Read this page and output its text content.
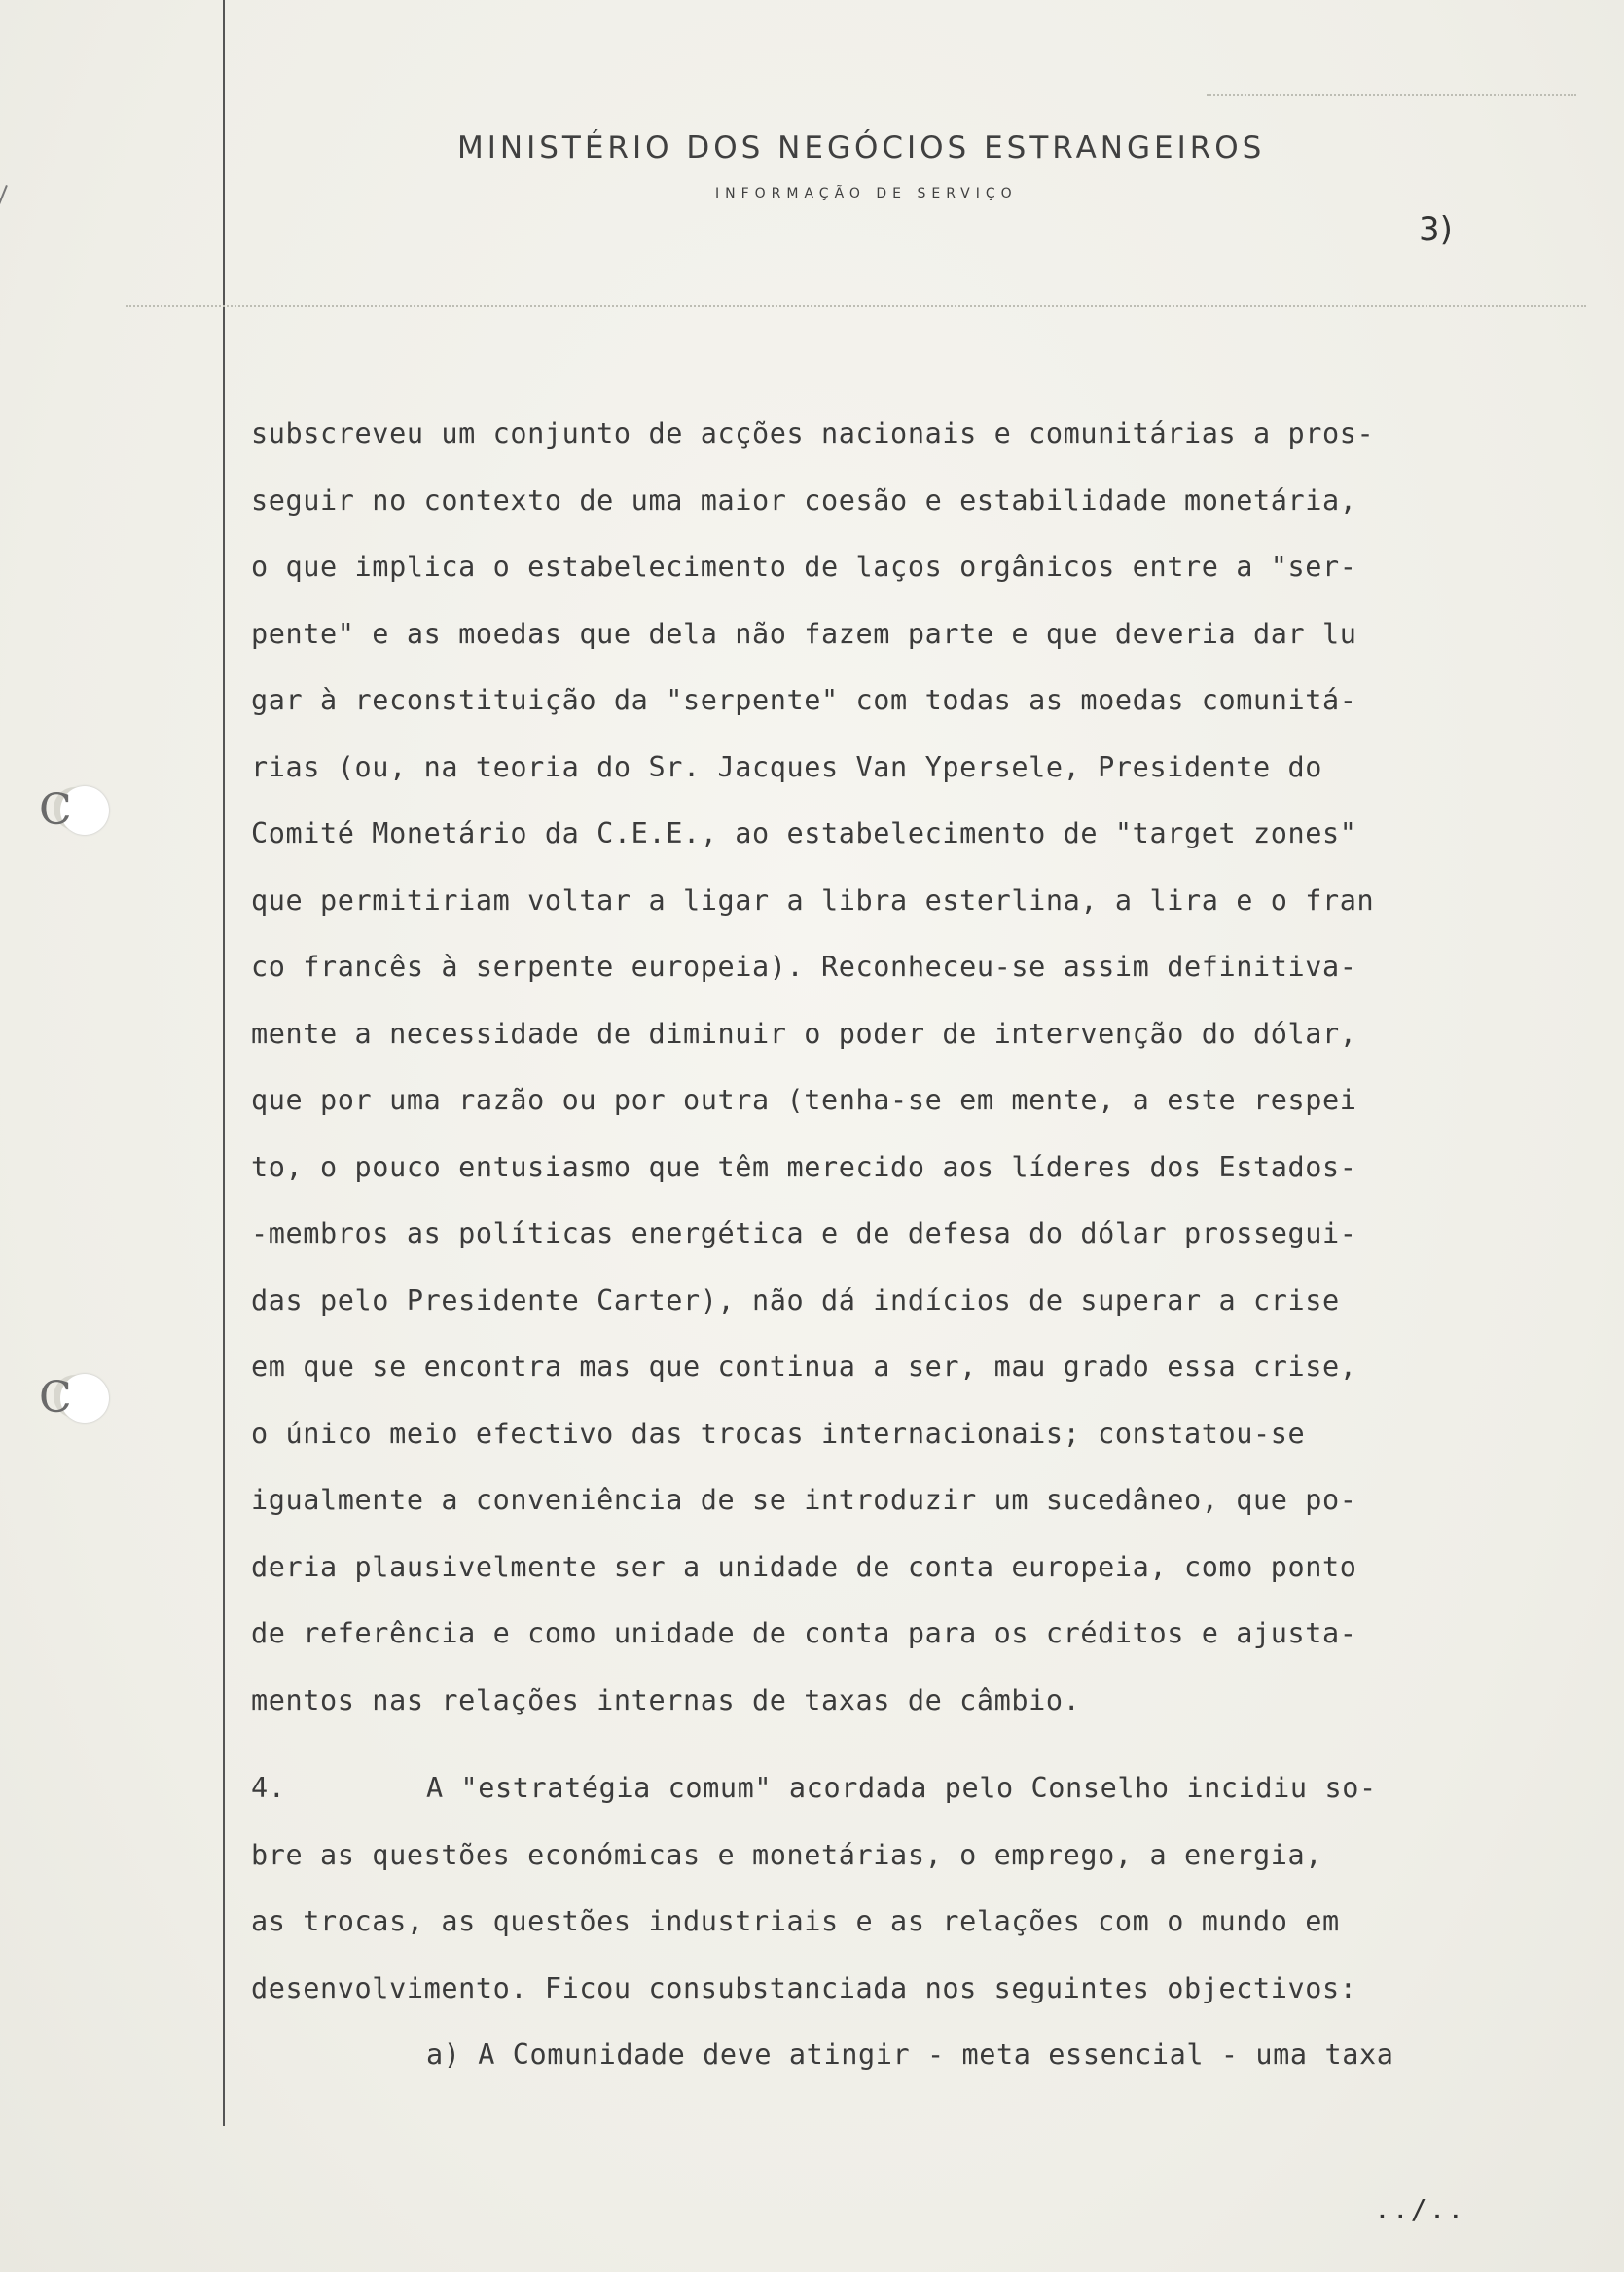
MINISTÉRIO DOS NEGÓCIOS ESTRANGEIROS
INFORMAÇÃO DE SERVIÇO
3)
C
C
subscreveu um conjunto de acções nacionais e comunitárias a pros-
seguir no contexto de uma maior coesão e estabilidade monetária,
o que implica o estabelecimento de laços orgânicos entre a "ser-
pente" e as moedas que dela não fazem parte e que deveria dar lu
gar à reconstituição da "serpente" com todas as moedas comunitá-
rias (ou, na teoria do Sr. Jacques Van Ypersele, Presidente do
Comité Monetário da C.E.E., ao estabelecimento de "target zones"
que permitiriam voltar a ligar a libra esterlina, a lira e o fran
co francês à serpente europeia). Reconheceu-se assim definitiva-
mente a necessidade de diminuir o poder de intervenção do dólar,
que por uma razão ou por outra (tenha-se em mente, a este respei
to, o pouco entusiasmo que têm merecido aos líderes dos Estados-
-membros as políticas energética e de defesa do dólar prossegui-
das pelo Presidente Carter), não dá indícios de superar a crise
em que se encontra mas que continua a ser, mau grado essa crise,
o único meio efectivo das trocas internacionais; constatou-se
igualmente a conveniência de se introduzir um sucedâneo, que po-
deria plausivelmente ser a unidade de conta europeia, como ponto
de referência e como unidade de conta para os créditos e ajusta-
mentos nas relações internas de taxas de câmbio.
4.	A "estratégia comum" acordada pelo Conselho incidiu so-
bre as questões económicas e monetárias, o emprego, a energia,
as trocas, as questões industriais e as relações com o mundo em
desenvolvimento. Ficou consubstanciada nos seguintes objectivos:
a) A Comunidade deve atingir - meta essencial - uma taxa
../..
